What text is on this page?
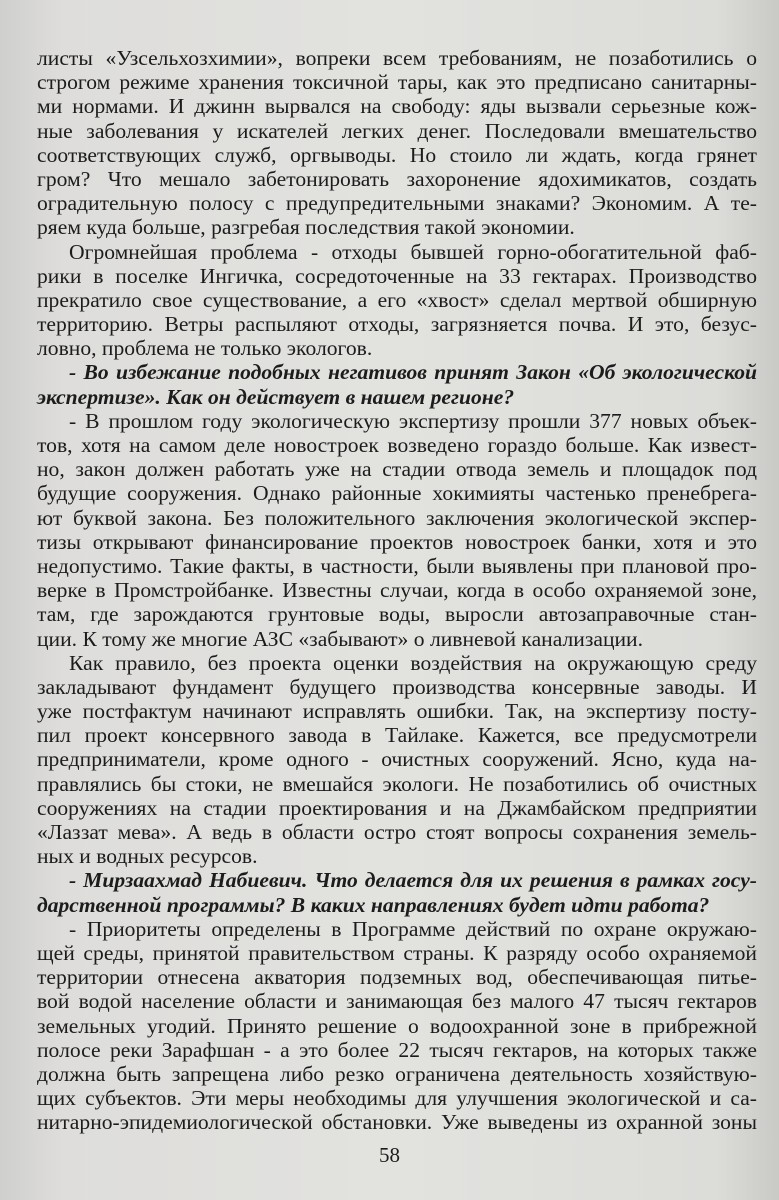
листы «Узсельхозхимии», вопреки всем требованиям, не позаботились о
строгом режиме хранения токсичной тары, как это предписано санитарны-
ми нормами. И джинн вырвался на свободу: яды вызвали серьезные кож-
ные заболевания у искателей легких денег. Последовали вмешательство
соответствующих служб, оргвыводы. Но стоило ли ждать, когда грянет
гром? Что мешало забетонировать захоронение ядохимикатов, создать
оградительную полосу с предупредительными знаками? Экономим. А те-
ряем куда больше, разгребая последствия такой экономии.
Огромнейшая проблема - отходы бывшей горно-обогатительной фаб-
рики в поселке Ингичка, сосредоточенные на 33 гектарах. Производство
прекратило свое существование, а его «хвост» сделал мертвой обширную
территорию. Ветры распыляют отходы, загрязняется почва. И это, безус-
ловно, проблема не только экологов.
- Во избежание подобных негативов принят Закон «Об экологической
экспертизе». Как он действует в нашем регионе?
- В прошлом году экологическую экспертизу прошли 377 новых объек-
тов, хотя на самом деле новостроек возведено гораздо больше. Как извест-
но, закон должен работать уже на стадии отвода земель и площадок под
будущие сооружения. Однако районные хокимияты частенько пренебрега-
ют буквой закона. Без положительного заключения экологической экспер-
тизы открывают финансирование проектов новостроек банки, хотя и это
недопустимо. Такие факты, в частности, были выявлены при плановой про-
верке в Промстройбанке. Известны случаи, когда в особо охраняемой зоне,
там, где зарождаются грунтовые воды, выросли автозаправочные стан-
ции. К тому же многие АЗС «забывают» о ливневой канализации.
Как правило, без проекта оценки воздействия на окружающую среду
закладывают фундамент будущего производства консервные заводы. И
уже постфактум начинают исправлять ошибки. Так, на экспертизу посту-
пил проект консервного завода в Тайлаке. Кажется, все предусмотрели
предприниматели, кроме одного - очистных сооружений. Ясно, куда на-
правлялись бы стоки, не вмешайся экологи. Не позаботились об очистных
сооружениях на стадии проектирования и на Джамбайском предприятии
«Лаззат мева». А ведь в области остро стоят вопросы сохранения земель-
ных и водных ресурсов.
- Мирзаахмад Набиевич. Что делается для их решения в рамках госу-
дарственной программы? В каких направлениях будет идти работа?
- Приоритеты определены в Программе действий по охране окружаю-
щей среды, принятой правительством страны. К разряду особо охраняемой
территории отнесена акватория подземных вод, обеспечивающая питье-
вой водой население области и занимающая без малого 47 тысяч гектаров
земельных угодий. Принято решение о водоохранной зоне в прибрежной
полосе реки Зарафшан - а это более 22 тысяч гектаров, на которых также
должна быть запрещена либо резко ограничена деятельность хозяйствую-
щих субъектов. Эти меры необходимы для улучшения экологической и са-
нитарно-эпидемиологической обстановки. Уже выведены из охранной зоны
58
